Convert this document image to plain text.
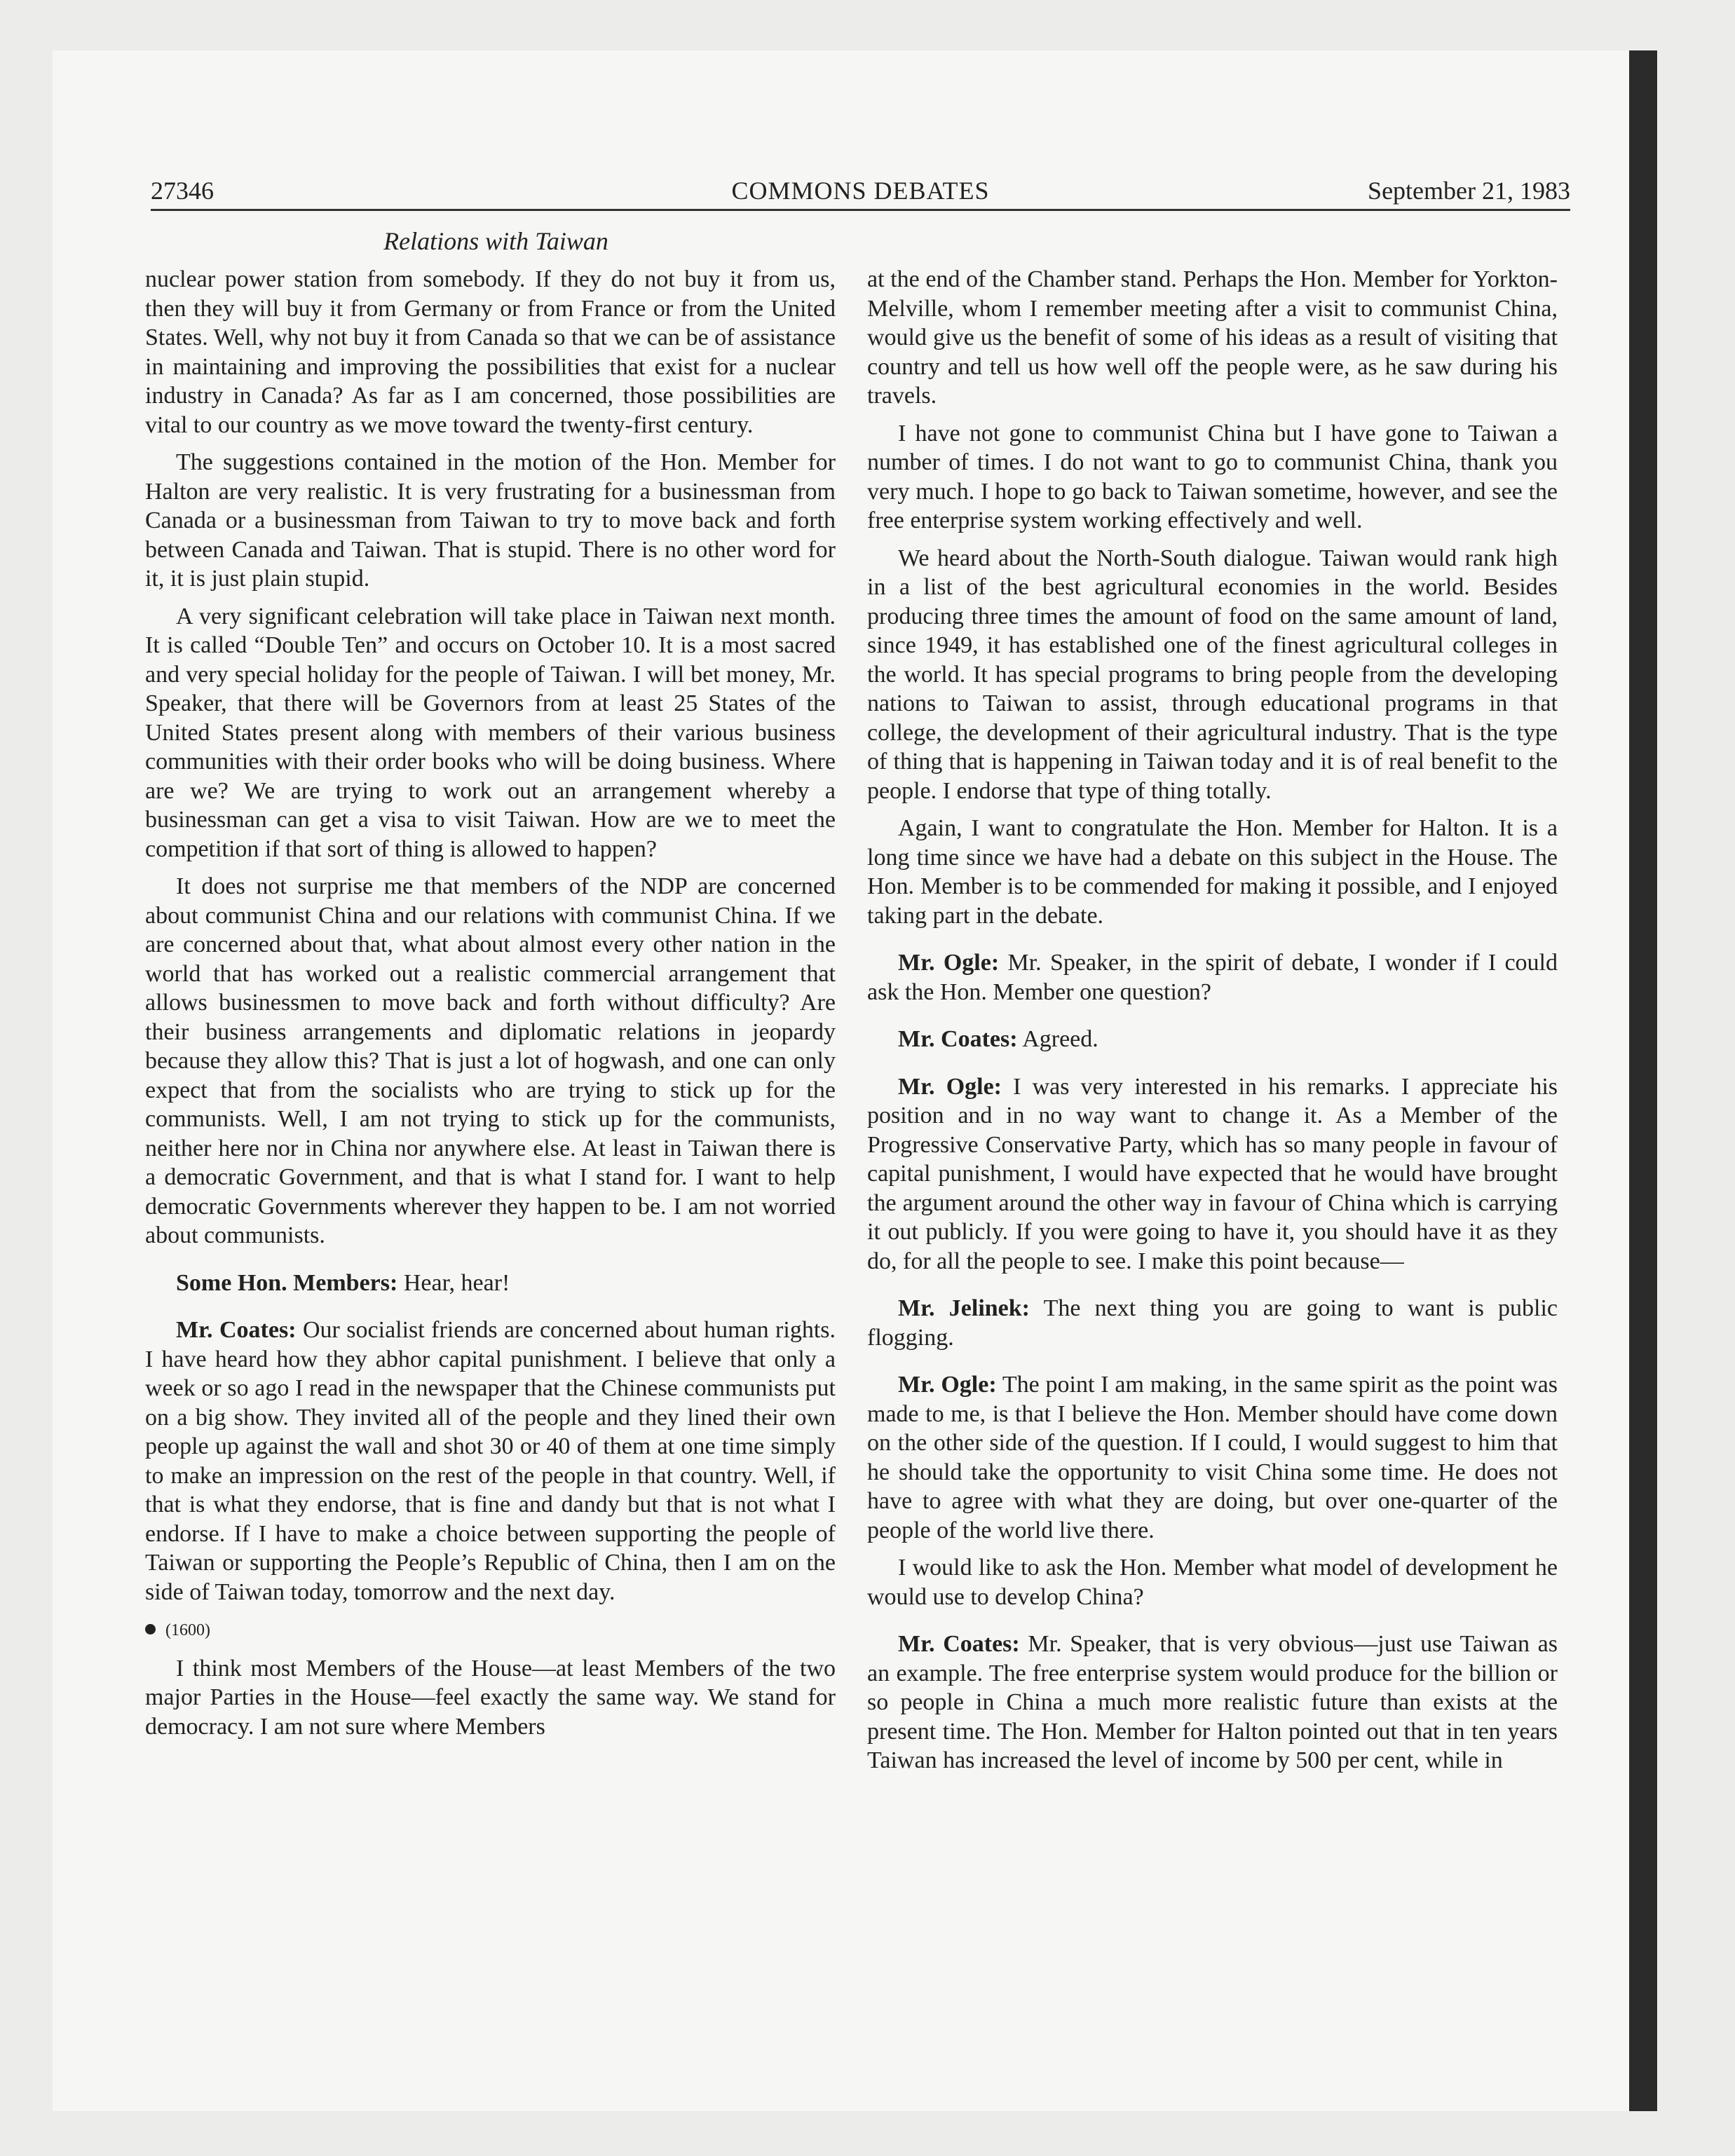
27346	COMMONS DEBATES	September 21, 1983
Relations with Taiwan

nuclear power station from somebody. If they do not buy it from us, then they will buy it from Germany or from France or from the United States. Well, why not buy it from Canada so that we can be of assistance in maintaining and improving the possibilities that exist for a nuclear industry in Canada? As far as I am concerned, those possibilities are vital to our country as we move toward the twenty-first century.

The suggestions contained in the motion of the Hon. Member for Halton are very realistic. It is very frustrating for a businessman from Canada or a businessman from Taiwan to try to move back and forth between Canada and Taiwan. That is stupid. There is no other word for it, it is just plain stupid.

A very significant celebration will take place in Taiwan next month. It is called “Double Ten” and occurs on October 10. It is a most sacred and very special holiday for the people of Taiwan. I will bet money, Mr. Speaker, that there will be Governors from at least 25 States of the United States present along with members of their various business communities with their order books who will be doing business. Where are we? We are trying to work out an arrangement whereby a businessman can get a visa to visit Taiwan. How are we to meet the competition if that sort of thing is allowed to happen?

It does not surprise me that members of the NDP are concerned about communist China and our relations with communist China. If we are concerned about that, what about almost every other nation in the world that has worked out a realistic commercial arrangement that allows businessmen to move back and forth without difficulty? Are their business arrangements and diplomatic relations in jeopardy because they allow this? That is just a lot of hogwash, and one can only expect that from the socialists who are trying to stick up for the communists. Well, I am not trying to stick up for the communists, neither here nor in China nor anywhere else. At least in Taiwan there is a democratic Government, and that is what I stand for. I want to help democratic Governments wherever they happen to be. I am not worried about communists.

Some Hon. Members: Hear, hear!

Mr. Coates: Our socialist friends are concerned about human rights. I have heard how they abhor capital punishment. I believe that only a week or so ago I read in the newspaper that the Chinese communists put on a big show. They invited all of the people and they lined their own people up against the wall and shot 30 or 40 of them at one time simply to make an impression on the rest of the people in that country. Well, if that is what they endorse, that is fine and dandy but that is not what I endorse. If I have to make a choice between supporting the people of Taiwan or supporting the People’s Republic of China, then I am on the side of Taiwan today, tomorrow and the next day.

(1600)

I think most Members of the House—at least Members of the two major Parties in the House—feel exactly the same way. We stand for democracy. I am not sure where Members

at the end of the Chamber stand. Perhaps the Hon. Member for Yorkton-Melville, whom I remember meeting after a visit to communist China, would give us the benefit of some of his ideas as a result of visiting that country and tell us how well off the people were, as he saw during his travels.

I have not gone to communist China but I have gone to Taiwan a number of times. I do not want to go to communist China, thank you very much. I hope to go back to Taiwan sometime, however, and see the free enterprise system working effectively and well.

We heard about the North-South dialogue. Taiwan would rank high in a list of the best agricultural economies in the world. Besides producing three times the amount of food on the same amount of land, since 1949, it has established one of the finest agricultural colleges in the world. It has special programs to bring people from the developing nations to Taiwan to assist, through educational programs in that college, the development of their agricultural industry. That is the type of thing that is happening in Taiwan today and it is of real benefit to the people. I endorse that type of thing totally.

Again, I want to congratulate the Hon. Member for Halton. It is a long time since we have had a debate on this subject in the House. The Hon. Member is to be commended for making it possible, and I enjoyed taking part in the debate.

Mr. Ogle: Mr. Speaker, in the spirit of debate, I wonder if I could ask the Hon. Member one question?

Mr. Coates: Agreed.

Mr. Ogle: I was very interested in his remarks. I appreciate his position and in no way want to change it. As a Member of the Progressive Conservative Party, which has so many people in favour of capital punishment, I would have expected that he would have brought the argument around the other way in favour of China which is carrying it out publicly. If you were going to have it, you should have it as they do, for all the people to see. I make this point because—

Mr. Jelinek: The next thing you are going to want is public flogging.

Mr. Ogle: The point I am making, in the same spirit as the point was made to me, is that I believe the Hon. Member should have come down on the other side of the question. If I could, I would suggest to him that he should take the opportunity to visit China some time. He does not have to agree with what they are doing, but over one-quarter of the people of the world live there.

I would like to ask the Hon. Member what model of development he would use to develop China?

Mr. Coates: Mr. Speaker, that is very obvious—just use Taiwan as an example. The free enterprise system would produce for the billion or so people in China a much more realistic future than exists at the present time. The Hon. Member for Halton pointed out that in ten years Taiwan has increased the level of income by 500 per cent, while in
